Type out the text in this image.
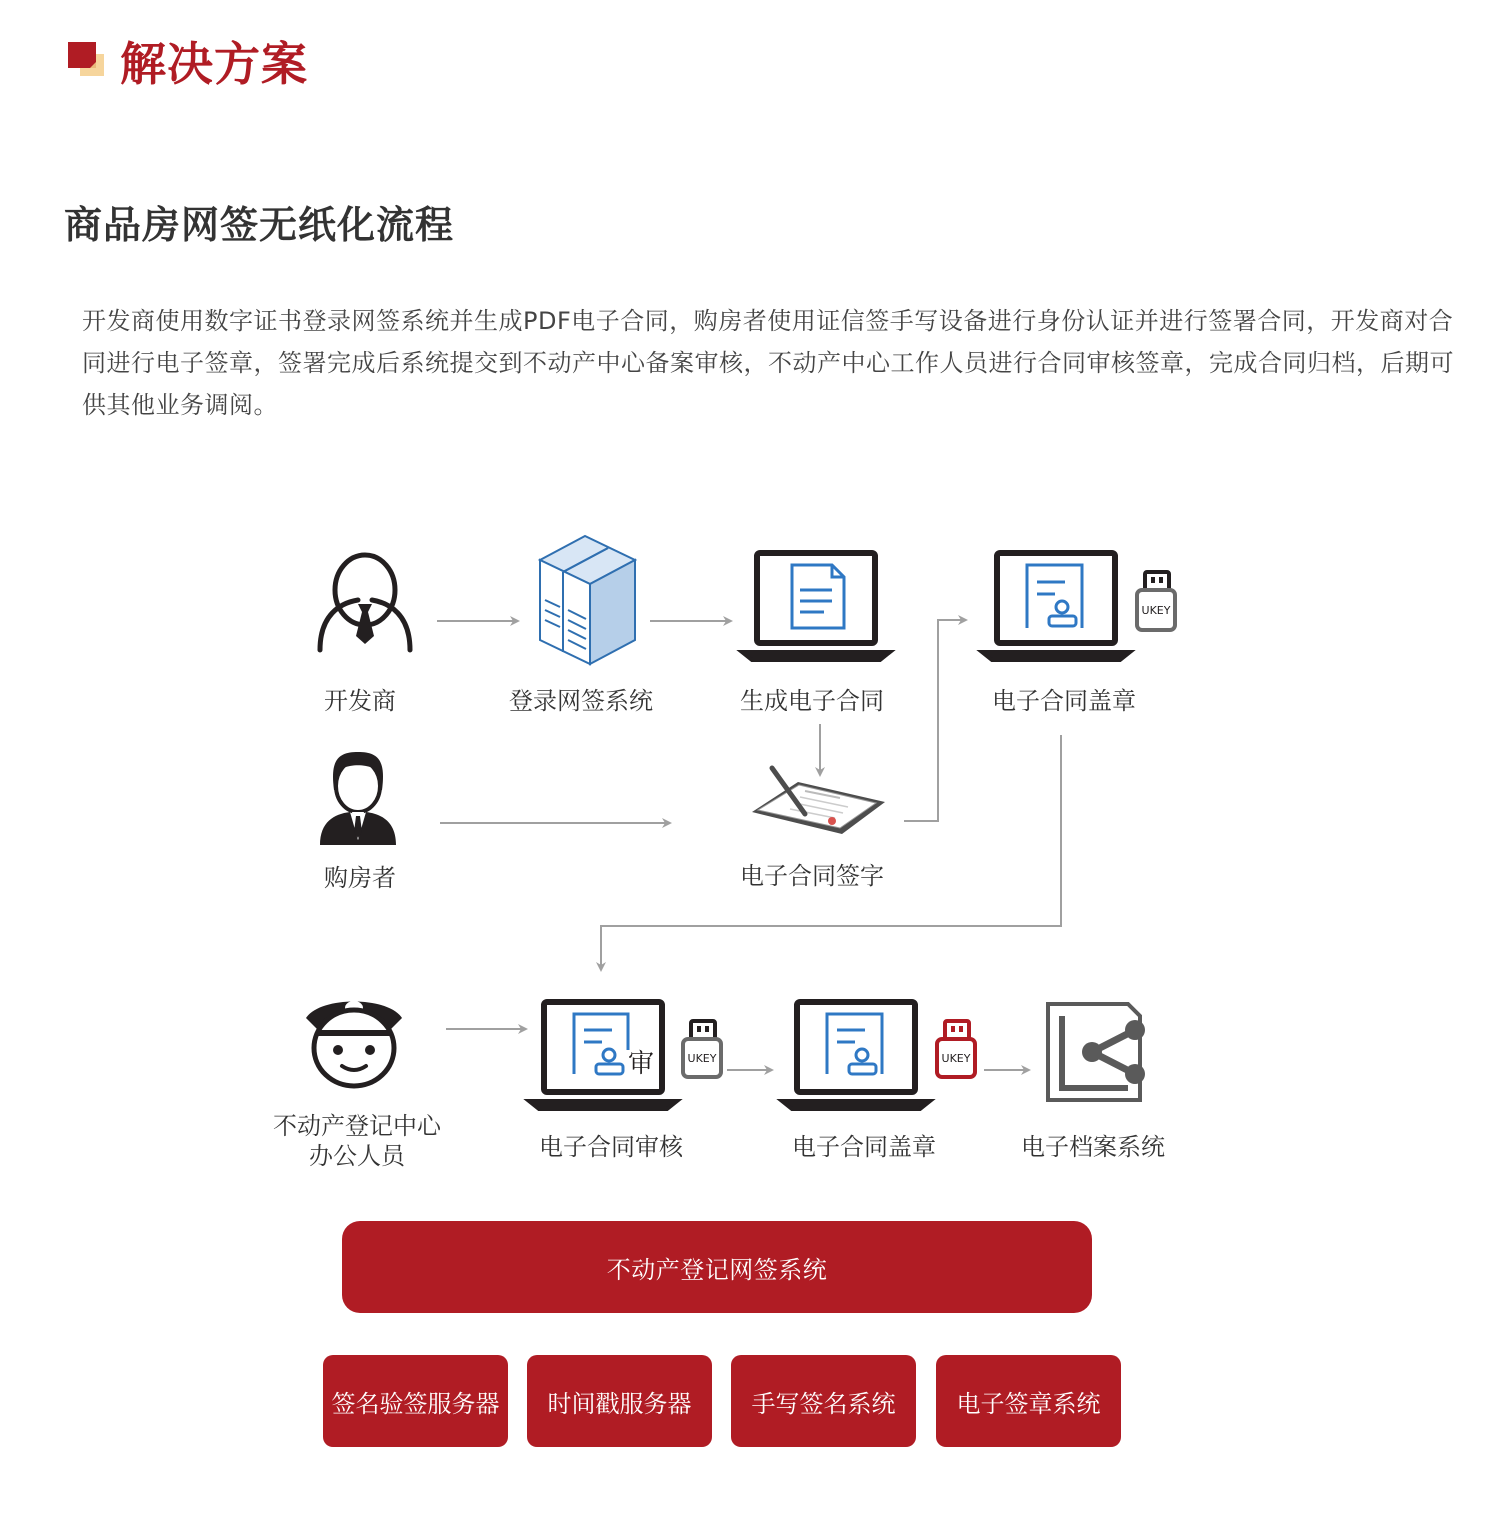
解决方案
商品房网签无纸化流程
开发商使用数字证书登录网签系统并生成PDF电子合同，购房者使用证信签手写设备进行身份认证并进行签署合同，开发商对合同进行电子签章，签署完成后系统提交到不动产中心备案审核，不动产中心工作人员进行合同审核签章，完成合同归档，后期可供其他业务调阅。
UKEY
审	UKEY	UKEY
开发商	登录网签系统	生成电子合同	电子合同盖章
购房者	电子合同签字
不动产登记中心
办公人员	电子合同审核	电子合同盖章	电子档案系统
不动产登记网签系统
签名验签服务器	时间戳服务器	手写签名系统	电子签章系统
